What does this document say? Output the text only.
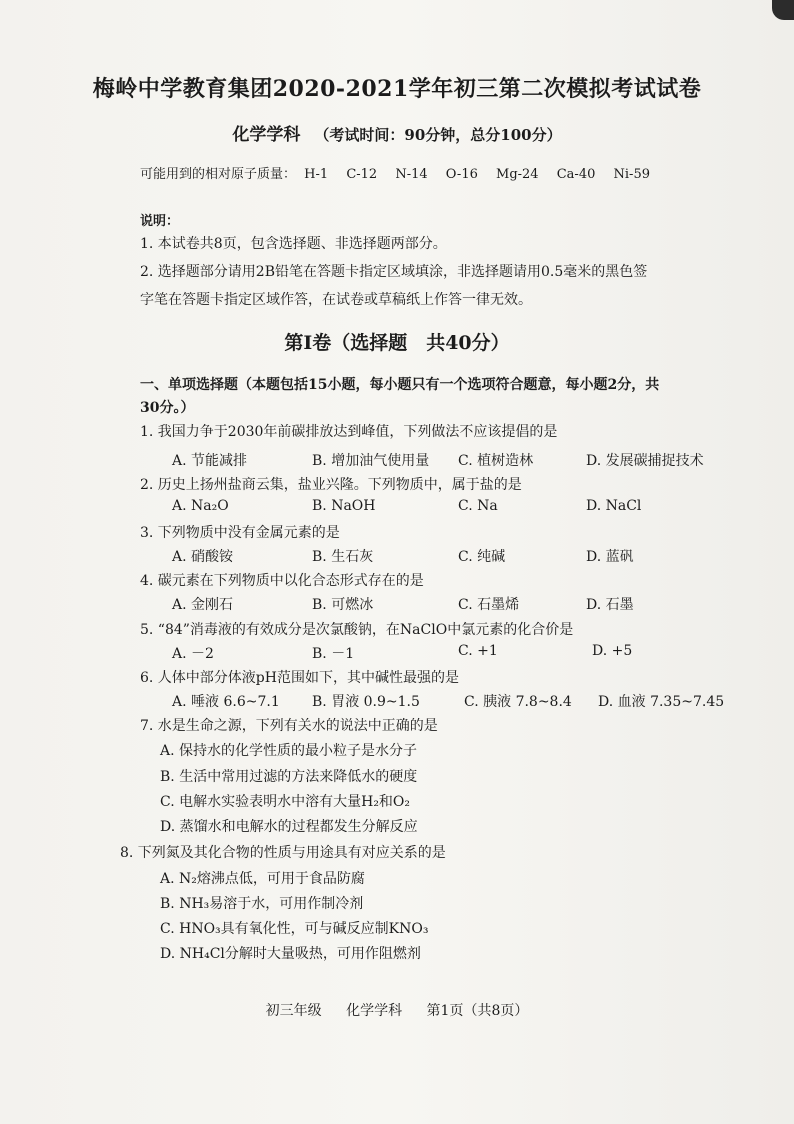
梅岭中学教育集团2020-2021学年初三第二次模拟考试试卷
化学学科 （考试时间：90分钟，总分100分）
可能用到的相对原子质量： H-1 C-12 N-14 O-16 Mg-24 Ca-40 Ni-59
说明：
1. 本试卷共8页，包含选择题、非选择题两部分。
2. 选择题部分请用2B铅笔在答题卡指定区域填涂，非选择题请用0.5毫米的黑色签
字笔在答题卡指定区域作答，在试卷或草稿纸上作答一律无效。
第Ⅰ卷（选择题　共40分）
一、单项选择题（本题包括15小题，每小题只有一个选项符合题意，每小题2分，共
30分。）
1. 我国力争于2030年前碳排放达到峰值，下列做法不应该提倡的是
A. 节能减排	B. 增加油气使用量 C. 植树造林	D. 发展碳捕捉技术
2. 历史上扬州盐商云集，盐业兴隆。下列物质中，属于盐的是
A. Na₂O	B. NaOH	C. Na	D. NaCl
3. 下列物质中没有金属元素的是
A. 硝酸铵	B. 生石灰	C. 纯碱	D. 蓝矾
4. 碳元素在下列物质中以化合态形式存在的是
A. 金刚石	B. 可燃冰	C. 石墨烯	D. 石墨
5. “84”消毒液的有效成分是次氯酸钠，在NaClO中氯元素的化合价是
A. －2	B. －1	C. +1	D. +5
6. 人体中部分体液pH范围如下，其中碱性最强的是
A. 唾液 6.6~7.1 B. 胃液 0.9~1.5	C. 胰液 7.8~8.4 D. 血液 7.35~7.45
7. 水是生命之源，下列有关水的说法中正确的是
A. 保持水的化学性质的最小粒子是水分子
B. 生活中常用过滤的方法来降低水的硬度
C. 电解水实验表明水中溶有大量H₂和O₂
D. 蒸馏水和电解水的过程都发生分解反应
8. 下列氮及其化合物的性质与用途具有对应关系的是
A. N₂熔沸点低，可用于食品防腐
B. NH₃易溶于水，可用作制冷剂
C. HNO₃具有氧化性，可与碱反应制KNO₃
D. NH₄Cl分解时大量吸热，可用作阻燃剂
初三年级 化学学科 第1页（共8页）
